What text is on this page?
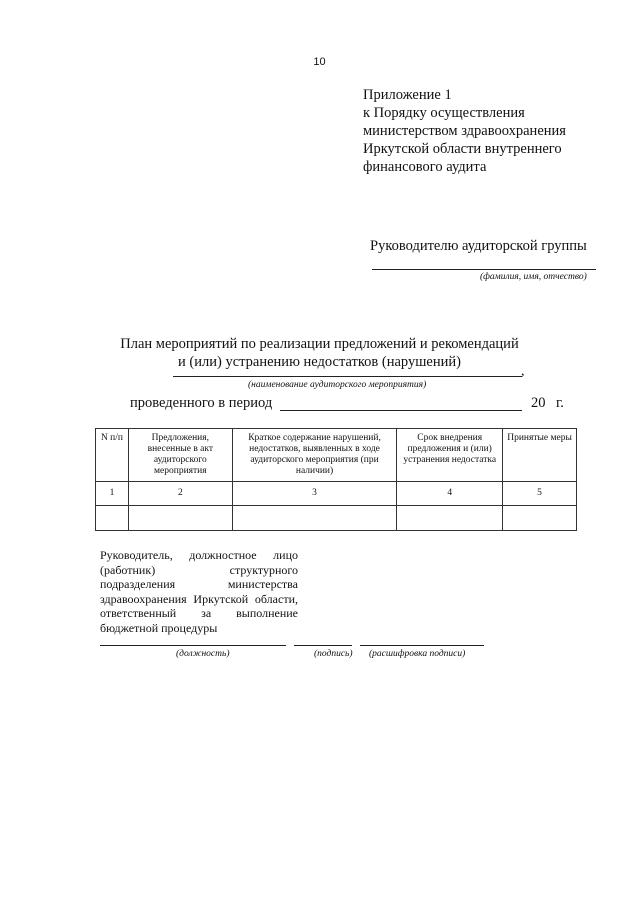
10
Приложение 1
к Порядку осуществления
министерством здравоохранения
Иркутской области внутреннего
финансового аудита
Руководителю аудиторской группы
(фамилия, имя, отчество)
План мероприятий по реализации предложений и рекомендаций
и (или) устранению недостатков (нарушений)
,
(наименование аудиторского мероприятия)
проведенного в период	20 г.
N п/п	Предложения, внесенные в акт аудиторского мероприятия	Краткое содержание нарушений, недостатков, выявленных в ходе аудиторского мероприятия (при наличии)	Срок внедрения предложения и (или) устранения недостатка	Принятые меры
1	2	3	4	5

Руководитель, должностное лицо (работник) структурного подразделения министерства здравоохранения Иркутской области, ответственный за выполнение бюджетной процедуры
(должность)	(подпись) (расшифровка подписи)
